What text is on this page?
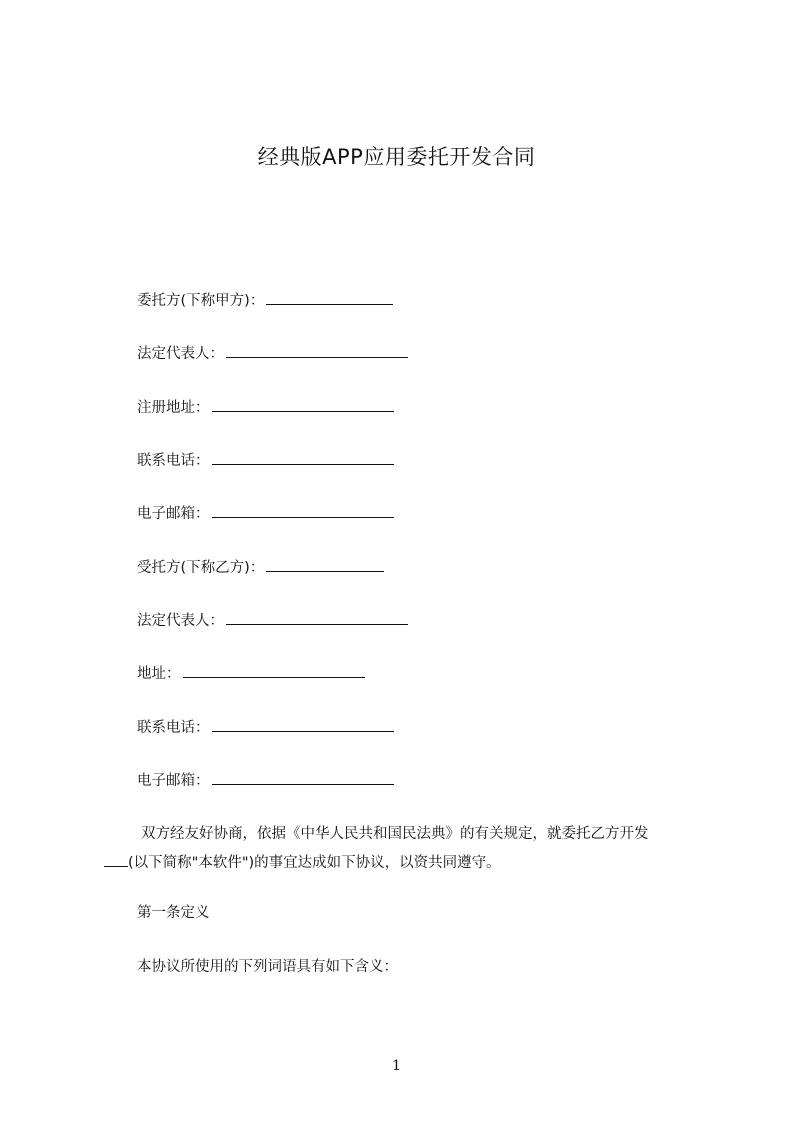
经典版APP应用委托开发合同
委托方(下称甲方)：
法定代表人：
注册地址：
联系电话：
电子邮箱：
受托方(下称乙方)：
法定代表人：
地址：
联系电话：
电子邮箱：
双方经友好协商，依据《中华人民共和国民法典》的有关规定，就委托乙方开发
(以下简称"本软件")的事宜达成如下协议，以资共同遵守。
第一条定义
本协议所使用的下列词语具有如下含义：
1
